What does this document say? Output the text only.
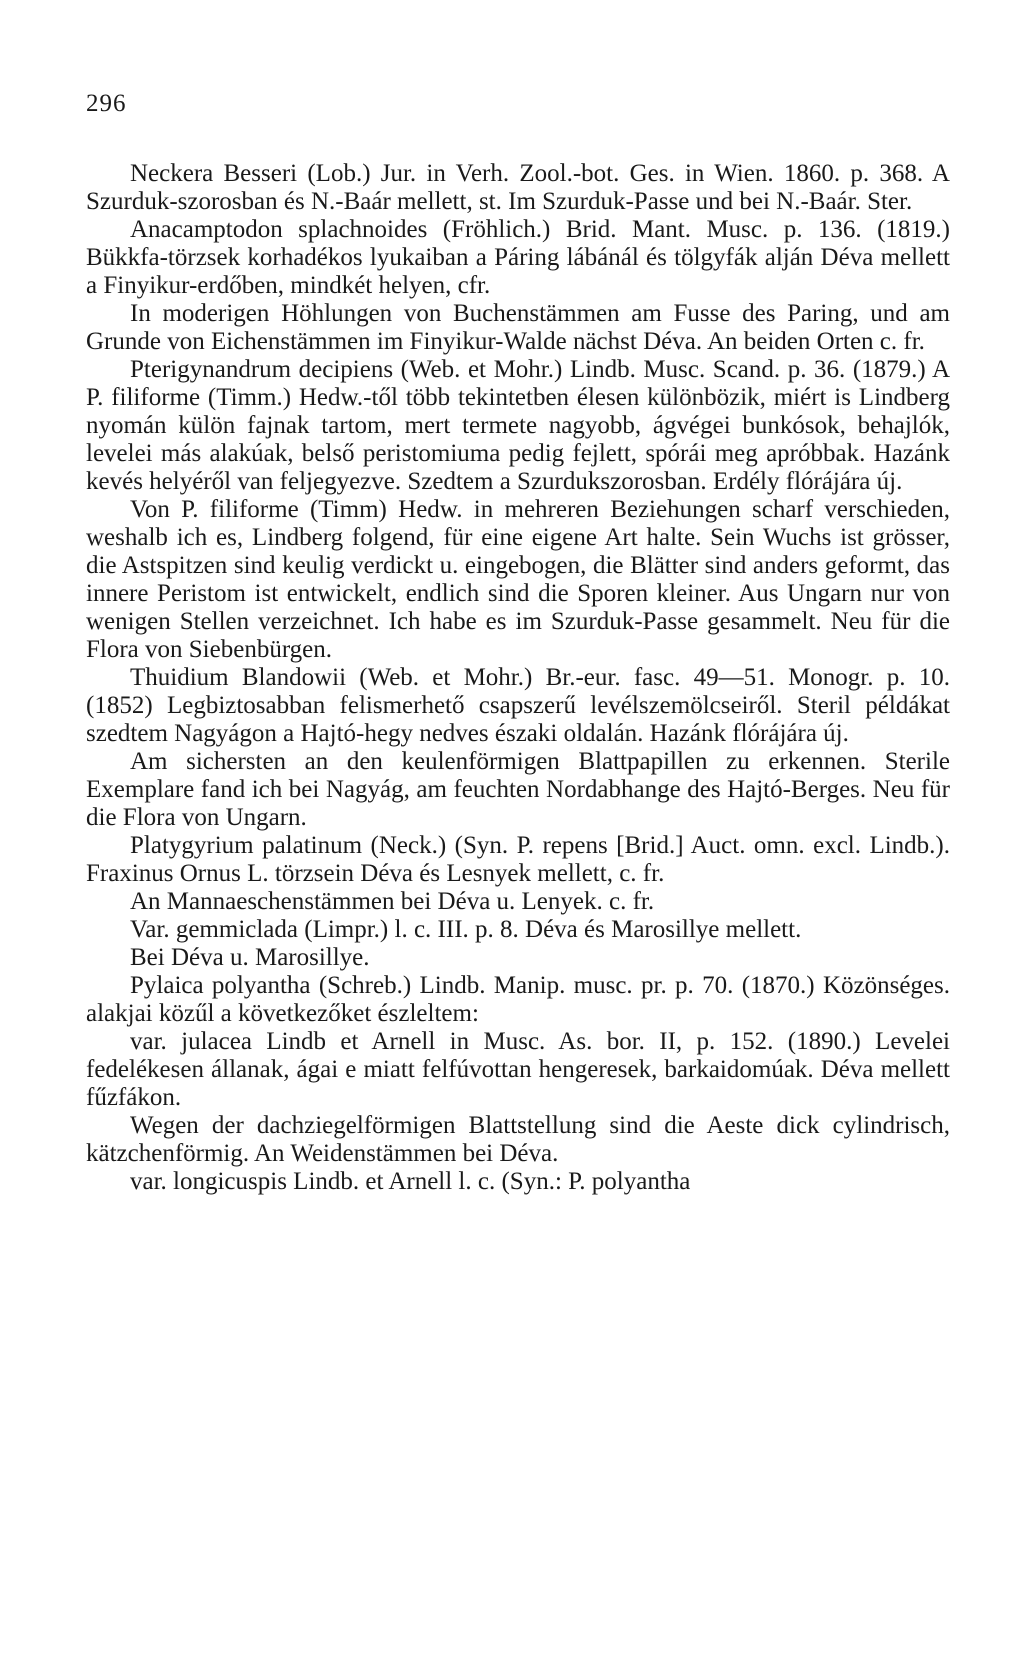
296

Neckera Besseri (Lob.) Jur. in Verh. Zool.-bot. Ges. in Wien. 1860. p. 368. A Szurduk-szorosban és N.-Baár mellett, st. Im Szurduk-Passe und bei N.-Baár. Ster.

Anacamptodon splachnoides (Fröhlich.) Brid. Mant. Musc. p. 136. (1819.) Bükkfa-törzsek korhadékos lyukaiban a Páring lábánál és tölgyfák alján Déva mellett a Finyikur-erdőben, mindkét helyen, cfr.

In moderigen Höhlungen von Buchenstämmen am Fusse des Paring, und am Grunde von Eichenstämmen im Finyikur-Walde nächst Déva. An beiden Orten c. fr.

Pterigynandrum decipiens (Web. et Mohr.) Lindb. Musc. Scand. p. 36. (1879.) A P. filiforme (Timm.) Hedw.-től több tekintetben élesen különbözik, miért is Lindberg nyomán külön fajnak tartom, mert termete nagyobb, ágvégei bunkósok, behajlók, levelei más alakúak, belső peristomiuma pedig fejlett, spórái meg apróbbak. Hazánk kevés helyéről van feljegyezve. Szedtem a Szurdukszorosban. Erdély flórájára új.

Von P. filiforme (Timm) Hedw. in mehreren Beziehungen scharf verschieden, weshalb ich es, Lindberg folgend, für eine eigene Art halte. Sein Wuchs ist grösser, die Astspitzen sind keulig verdickt u. eingebogen, die Blätter sind anders geformt, das innere Peristom ist entwickelt, endlich sind die Sporen kleiner. Aus Ungarn nur von wenigen Stellen verzeichnet. Ich habe es im Szurduk-Passe gesammelt. Neu für die Flora von Siebenbürgen.

Thuidium Blandowii (Web. et Mohr.) Br.-eur. fasc. 49—51. Monogr. p. 10. (1852) Legbiztosabban felismerhető csapszerű levélszemölcseiről. Steril példákat szedtem Nagyágon a Hajtó-hegy nedves északi oldalán. Hazánk flórájára új.

Am sichersten an den keulenförmigen Blattpapillen zu erkennen. Sterile Exemplare fand ich bei Nagyág, am feuchten Nordabhange des Hajtó-Berges. Neu für die Flora von Ungarn.

Platygyrium palatinum (Neck.) (Syn. P. repens [Brid.] Auct. omn. excl. Lindb.). Fraxinus Ornus L. törzsein Déva és Lesnyek mellett, c. fr.

An Mannaeschenstämmen bei Déva u. Lenyek. c. fr.

Var. gemmiclada (Limpr.) l. c. III. p. 8. Déva és Marosillye mellett.

Bei Déva u. Marosillye.

Pylaica polyantha (Schreb.) Lindb. Manip. musc. pr. p. 70. (1870.) Közönséges. alakjai közűl a következőket észleltem:

var. julacea Lindb et Arnell in Musc. As. bor. II, p. 152. (1890.) Levelei fedelékesen állanak, ágai e miatt felfúvottan hengeresek, barkaidomúak. Déva mellett fűzfákon.

Wegen der dachziegelförmigen Blattstellung sind die Aeste dick cylindrisch, kätzchenförmig. An Weidenstämmen bei Déva.

var. longicuspis Lindb. et Arnell l. c. (Syn.: P. polyantha
